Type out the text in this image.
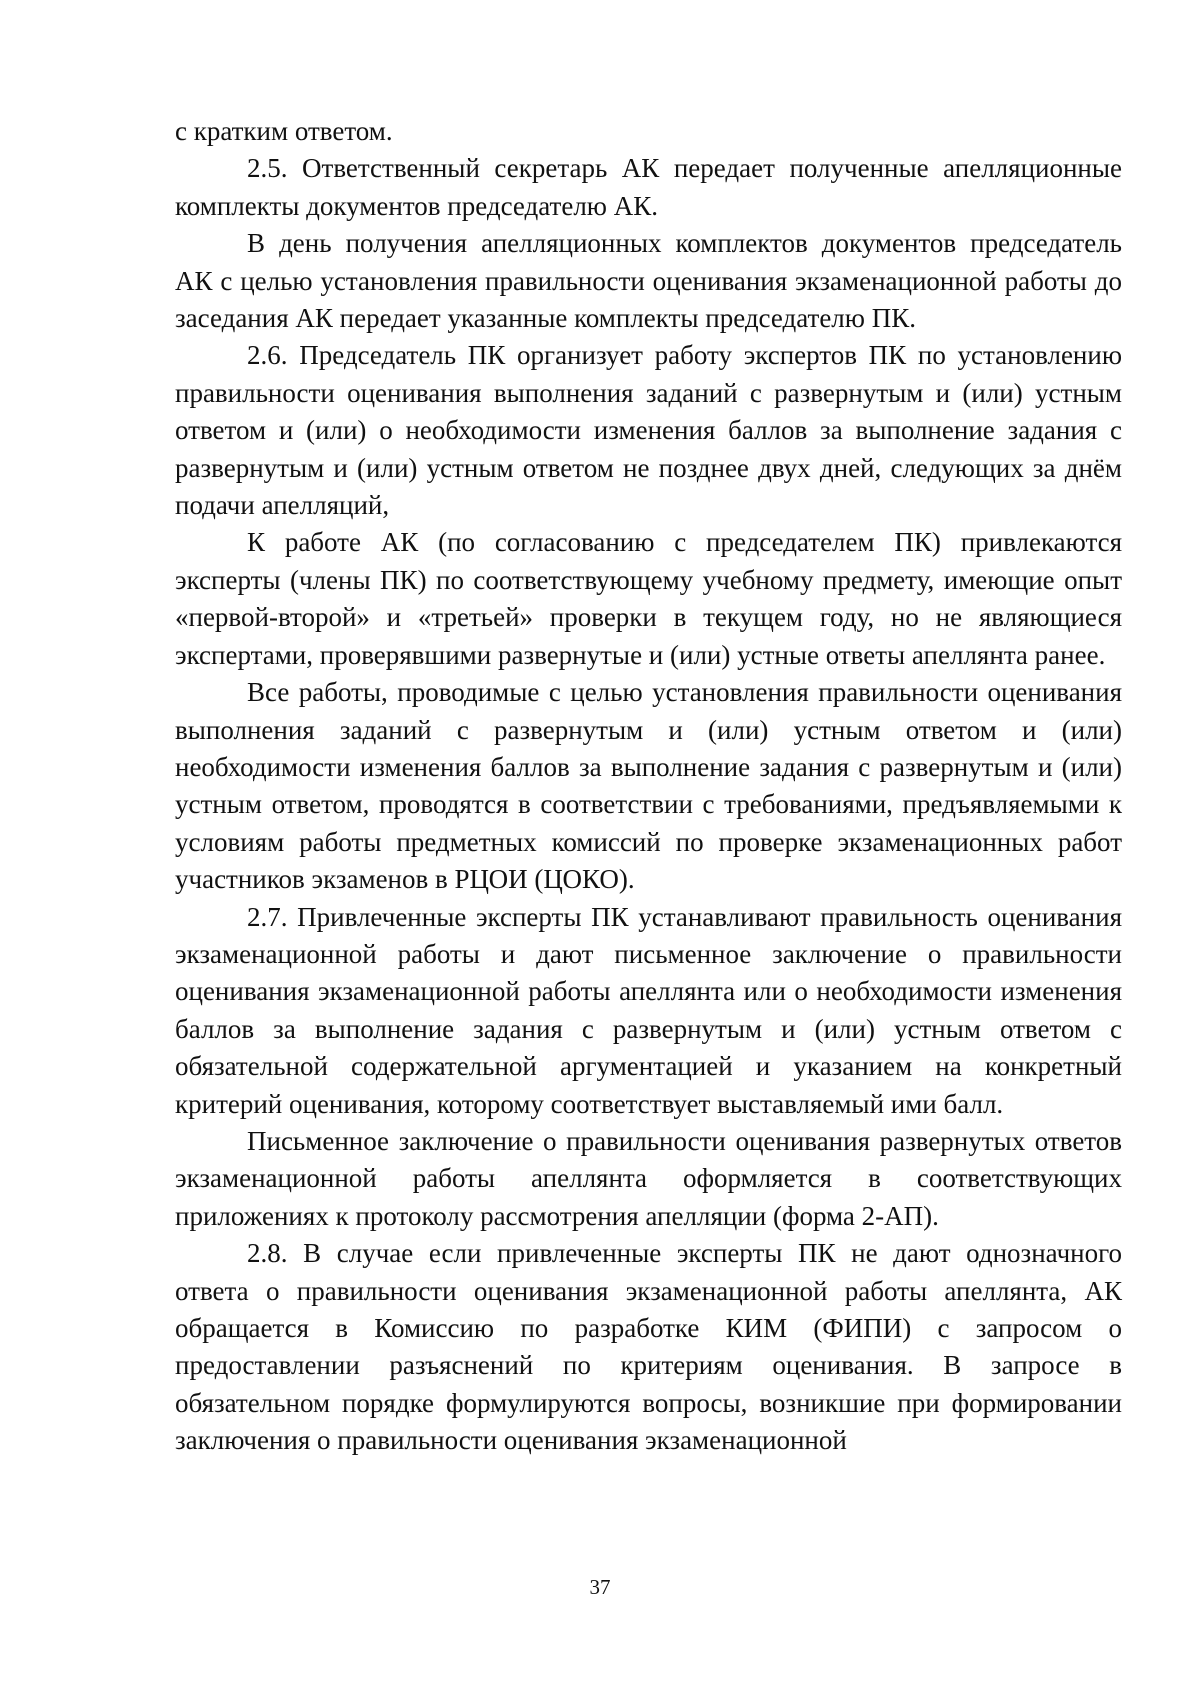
с кратким ответом.

2.5. Ответственный секретарь АК передает полученные апелляционные комплекты документов председателю АК.

В день получения апелляционных комплектов документов председатель АК с целью установления правильности оценивания экзаменационной работы до заседания АК передает указанные комплекты председателю ПК.

2.6. Председатель ПК организует работу экспертов ПК по установлению правильности оценивания выполнения заданий с развернутым и (или) устным ответом и (или) о необходимости изменения баллов за выполнение задания с развернутым и (или) устным ответом не позднее двух дней, следующих за днём подачи апелляций,

К работе АК (по согласованию с председателем ПК) привлекаются эксперты (члены ПК) по соответствующему учебному предмету, имеющие опыт «первой-второй» и «третьей» проверки в текущем году, но не являющиеся экспертами, проверявшими развернутые и (или) устные ответы апеллянта ранее.

Все работы, проводимые с целью установления правильности оценивания выполнения заданий с развернутым и (или) устным ответом и (или) необходимости изменения баллов за выполнение задания с развернутым и (или) устным ответом, проводятся в соответствии с требованиями, предъявляемыми к условиям работы предметных комиссий по проверке экзаменационных работ участников экзаменов в РЦОИ (ЦОКО).

2.7. Привлеченные эксперты ПК устанавливают правильность оценивания экзаменационной работы и дают письменное заключение о правильности оценивания экзаменационной работы апеллянта или о необходимости изменения баллов за выполнение задания с развернутым и (или) устным ответом с обязательной содержательной аргументацией и указанием на конкретный критерий оценивания, которому соответствует выставляемый ими балл.

Письменное заключение о правильности оценивания развернутых ответов экзаменационной работы апеллянта оформляется в соответствующих приложениях к протоколу рассмотрения апелляции (форма 2-АП).

2.8. В случае если привлеченные эксперты ПК не дают однозначного ответа о правильности оценивания экзаменационной работы апеллянта, АК обращается в Комиссию по разработке КИМ (ФИПИ) с запросом о предоставлении разъяснений по критериям оценивания. В запросе в обязательном порядке формулируются вопросы, возникшие при формировании заключения о правильности оценивания экзаменационной

37
